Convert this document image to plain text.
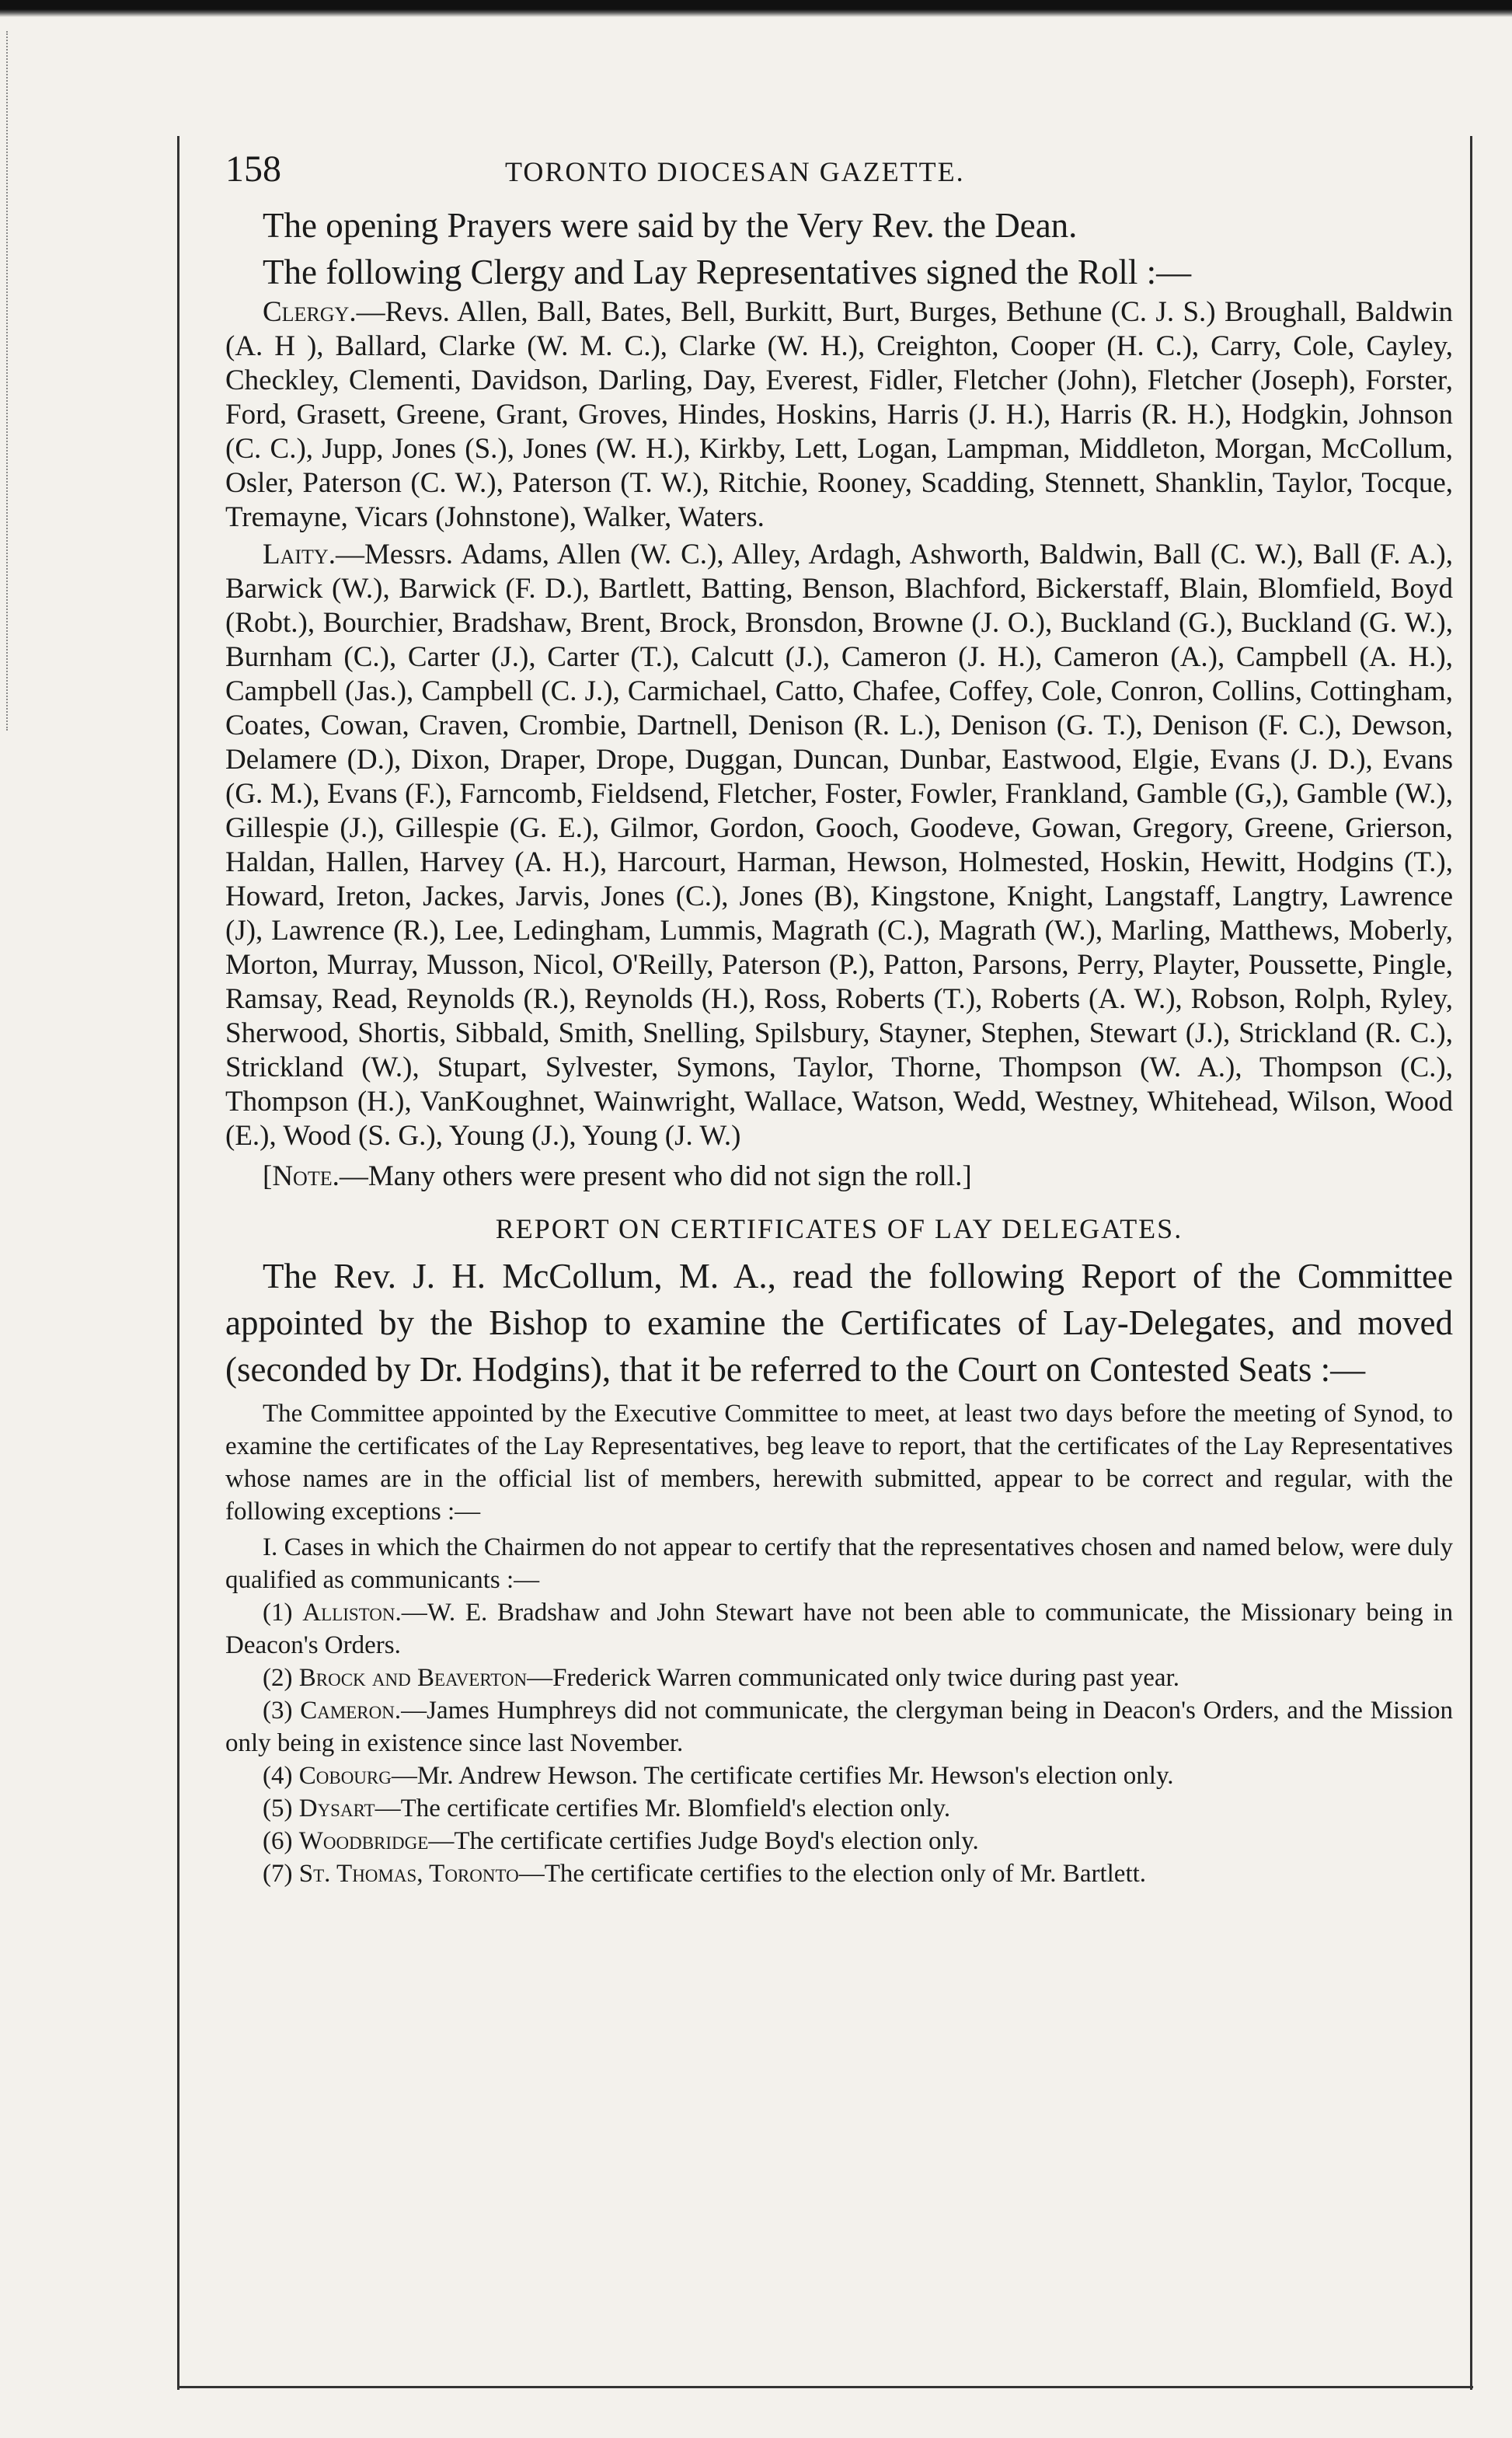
158	TORONTO DIOCESAN GAZETTE.

The opening Prayers were said by the Very Rev. the Dean.

The following Clergy and Lay Representatives signed the Roll :—

Clergy.—Revs. Allen, Ball, Bates, Bell, Burkitt, Burt, Burges, Bethune (C. J. S.) Broughall, Baldwin (A. H ), Ballard, Clarke (W. M. C.), Clarke (W. H.), Creighton, Cooper (H. C.), Carry, Cole, Cayley, Checkley, Clementi, Davidson, Darling, Day, Everest, Fidler, Fletcher (John), Fletcher (Joseph), Forster, Ford, Grasett, Greene, Grant, Groves, Hindes, Hoskins, Harris (J. H.), Harris (R. H.), Hodgkin, Johnson (C. C.), Jupp, Jones (S.), Jones (W. H.), Kirkby, Lett, Logan, Lampman, Middleton, Morgan, McCollum, Osler, Paterson (C. W.), Paterson (T. W.), Ritchie, Rooney, Scadding, Stennett, Shanklin, Taylor, Tocque, Tremayne, Vicars (Johnstone), Walker, Waters.

Laity.—Messrs. Adams, Allen (W. C.), Alley, Ardagh, Ashworth, Baldwin, Ball (C. W.), Ball (F. A.), Barwick (W.), Barwick (F. D.), Bartlett, Batting, Benson, Blachford, Bickerstaff, Blain, Blomfield, Boyd (Robt.), Bourchier, Bradshaw, Brent, Brock, Bronsdon, Browne (J. O.), Buckland (G.), Buckland (G. W.), Burnham (C.), Carter (J.), Carter (T.), Calcutt (J.), Cameron (J. H.), Cameron (A.), Campbell (A. H.), Campbell (Jas.), Campbell (C. J.), Carmichael, Catto, Chafee, Coffey, Cole, Conron, Collins, Cottingham, Coates, Cowan, Craven, Crombie, Dartnell, Denison (R. L.), Denison (G. T.), Denison (F. C.), Dewson, Delamere (D.), Dixon, Draper, Drope, Duggan, Duncan, Dunbar, Eastwood, Elgie, Evans (J. D.), Evans (G. M.), Evans (F.), Farncomb, Fieldsend, Fletcher, Foster, Fowler, Frankland, Gamble (G,), Gamble (W.), Gillespie (J.), Gillespie (G. E.), Gilmor, Gordon, Gooch, Goodeve, Gowan, Gregory, Greene, Grierson, Haldan, Hallen, Harvey (A. H.), Harcourt, Harman, Hewson, Holmested, Hoskin, Hewitt, Hodgins (T.), Howard, Ireton, Jackes, Jarvis, Jones (C.), Jones (B), Kingstone, Knight, Langstaff, Langtry, Lawrence (J), Lawrence (R.), Lee, Ledingham, Lummis, Magrath (C.), Magrath (W.), Marling, Matthews, Moberly, Morton, Murray, Musson, Nicol, O'Reilly, Paterson (P.), Patton, Parsons, Perry, Playter, Poussette, Pingle, Ramsay, Read, Reynolds (R.), Reynolds (H.), Ross, Roberts (T.), Roberts (A. W.), Robson, Rolph, Ryley, Sherwood, Shortis, Sibbald, Smith, Snelling, Spilsbury, Stayner, Stephen, Stewart (J.), Strickland (R. C.), Strickland (W.), Stupart, Sylvester, Symons, Taylor, Thorne, Thompson (W. A.), Thompson (C.), Thompson (H.), VanKoughnet, Wainwright, Wallace, Watson, Wedd, Westney, Whitehead, Wilson, Wood (E.), Wood (S. G.), Young (J.), Young (J. W.)

[Note.—Many others were present who did not sign the roll.]

REPORT ON CERTIFICATES OF LAY DELEGATES.

The Rev. J. H. McCollum, M. A., read the following Report of the Committee appointed by the Bishop to examine the Certificates of Lay-Delegates, and moved (seconded by Dr. Hodgins), that it be referred to the Court on Contested Seats :—

The Committee appointed by the Executive Committee to meet, at least two days before the meeting of Synod, to examine the certificates of the Lay Representatives, beg leave to report, that the certificates of the Lay Representatives whose names are in the official list of members, herewith submitted, appear to be correct and regular, with the following exceptions :—

I. Cases in which the Chairmen do not appear to certify that the representatives chosen and named below, were duly qualified as communicants :—

(1) Alliston.—W. E. Bradshaw and John Stewart have not been able to communicate, the Missionary being in Deacon's Orders.

(2) Brock and Beaverton—Frederick Warren communicated only twice during past year.

(3) Cameron.—James Humphreys did not communicate, the clergyman being in Deacon's Orders, and the Mission only being in existence since last November.

(4) Cobourg—Mr. Andrew Hewson. The certificate certifies Mr. Hewson's election only.

(5) Dysart—The certificate certifies Mr. Blomfield's election only.

(6) Woodbridge—The certificate certifies Judge Boyd's election only.

(7) St. Thomas, Toronto—The certificate certifies to the election only of Mr. Bartlett.
